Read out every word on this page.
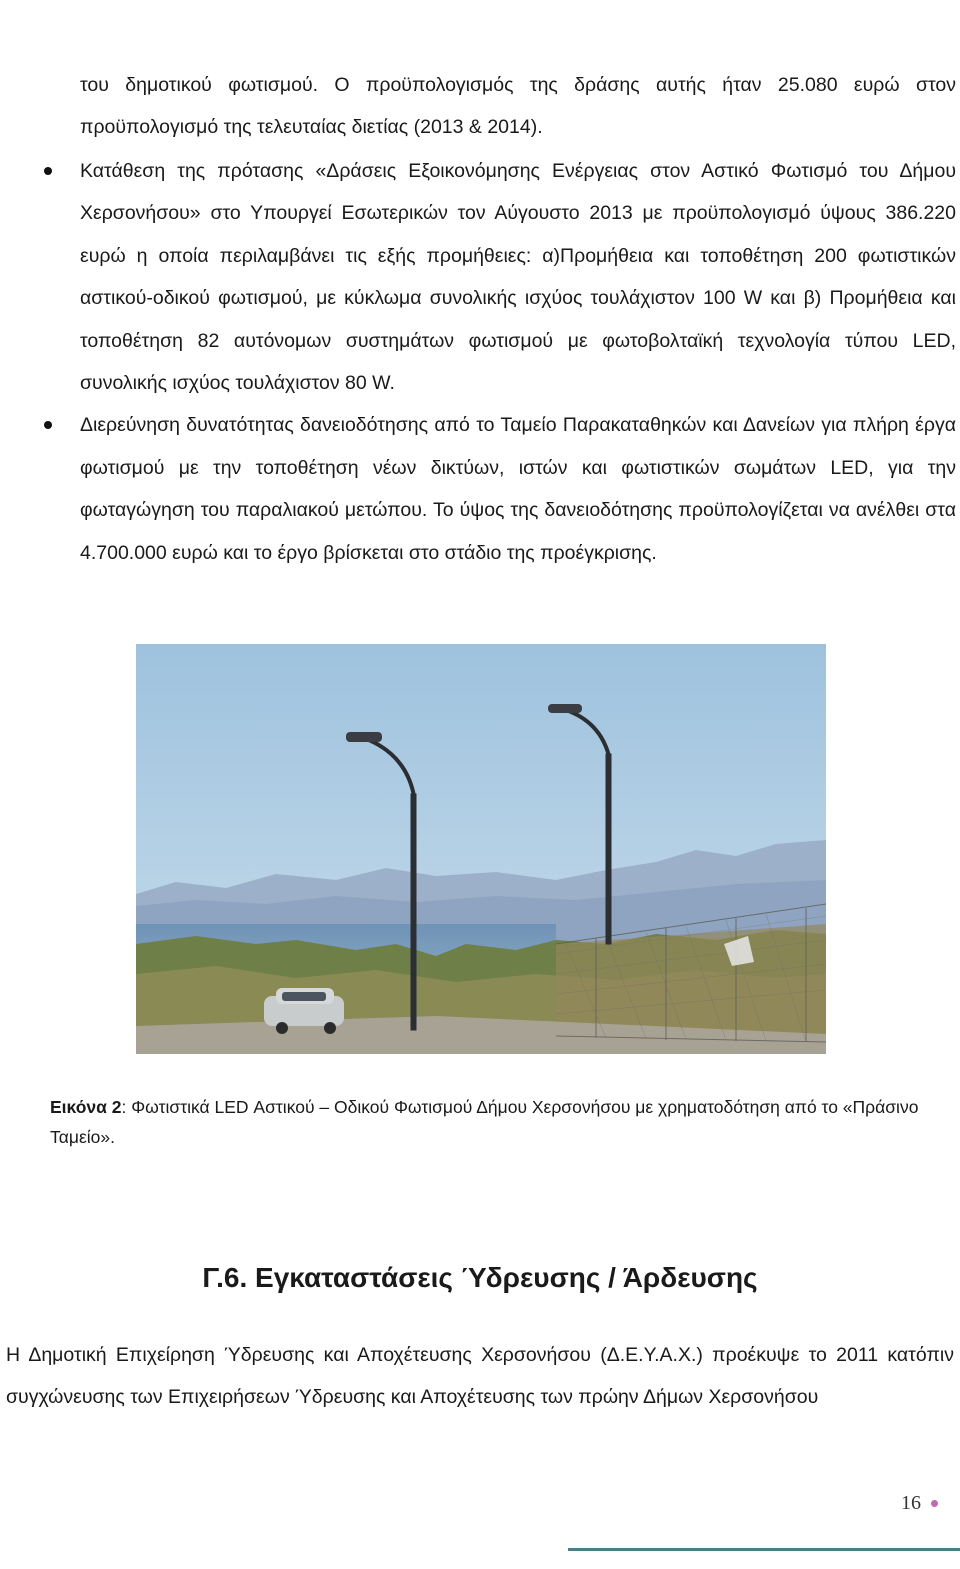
του δημοτικού φωτισμού. Ο προϋπολογισμός της δράσης αυτής ήταν 25.080 ευρώ στον προϋπολογισμό της τελευταίας διετίας (2013 & 2014).

Κατάθεση της πρότασης «Δράσεις Εξοικονόμησης Ενέργειας στον Αστικό Φωτισμό του Δήμου Χερσονήσου» στο Υπουργεί Εσωτερικών τον Αύγουστο 2013 με προϋπολογισμό ύψους 386.220 ευρώ η οποία περιλαμβάνει τις εξής προμήθειες: α)Προμήθεια και τοποθέτηση 200 φωτιστικών αστικού-οδικού φωτισμού, με κύκλωμα συνολικής ισχύος τουλάχιστον 100 W και β) Προμήθεια και τοποθέτηση 82 αυτόνομων συστημάτων φωτισμού με φωτοβολταϊκή τεχνολογία τύπου LED, συνολικής ισχύος τουλάχιστον 80 W.
Διερεύνηση δυνατότητας δανειοδότησης από το Ταμείο Παρακαταθηκών και Δανείων για πλήρη έργα φωτισμού με την τοποθέτηση νέων δικτύων, ιστών και φωτιστικών σωμάτων LED, για την φωταγώγηση του παραλιακού μετώπου. Το ύψος της δανειοδότησης προϋπολογίζεται να ανέλθει στα 4.700.000 ευρώ και το έργο βρίσκεται στο στάδιο της προέγκρισης.
Εικόνα 2: Φωτιστικά LED Αστικού – Οδικού Φωτισμού Δήμου Χερσονήσου με χρηματοδότηση από το «Πράσινο Ταμείο».
Γ.6. Εγκαταστάσεις Ύδρευσης / Άρδευσης

Η Δημοτική Επιχείρηση Ύδρευσης και Αποχέτευσης Χερσονήσου (Δ.Ε.Υ.Α.Χ.) προέκυψε το 2011 κατόπιν συγχώνευσης των Επιχειρήσεων Ύδρευσης και Αποχέτευσης των πρώην Δήμων Χερσονήσου

16
